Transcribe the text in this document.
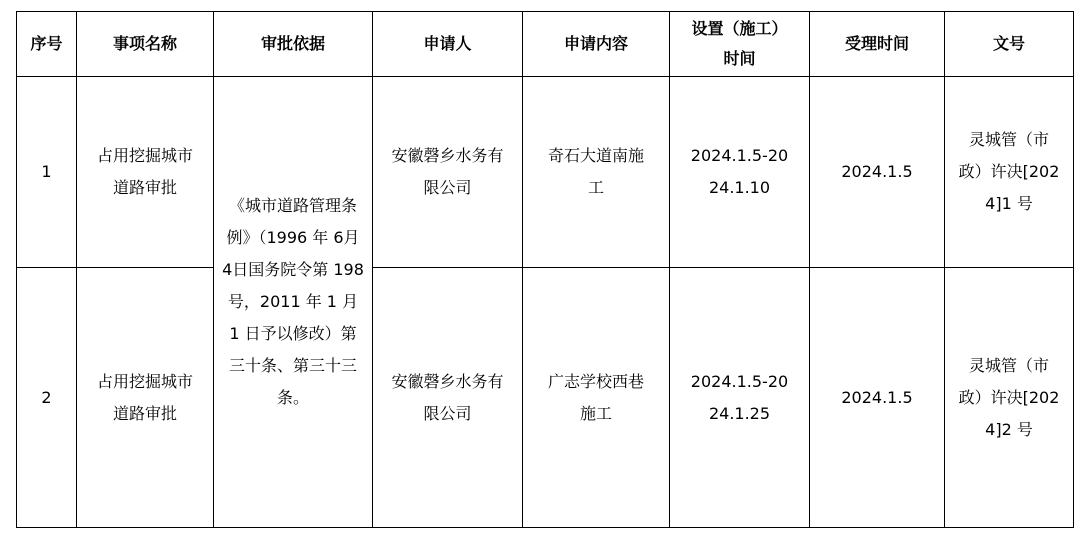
序号	事项名称	审批依据	申请人	申请内容	设置（施工）时间	受理时间	文号
1	占用挖掘城市道路审批	《城市道路管理条例》（1996 年 6月 4日国务院令第 198 号，2011 年 1 月 1 日予以修改）第三十条、第三十三条。	安徽磬乡水务有限公司	奇石大道南施工	2024.1.5-2024.1.10	2024.1.5	灵城管（市政）许决[2024]1 号
2	占用挖掘城市道路审批		安徽磬乡水务有限公司	广志学校西巷施工	2024.1.5-2024.1.25	2024.1.5	灵城管（市政）许决[2024]2 号
